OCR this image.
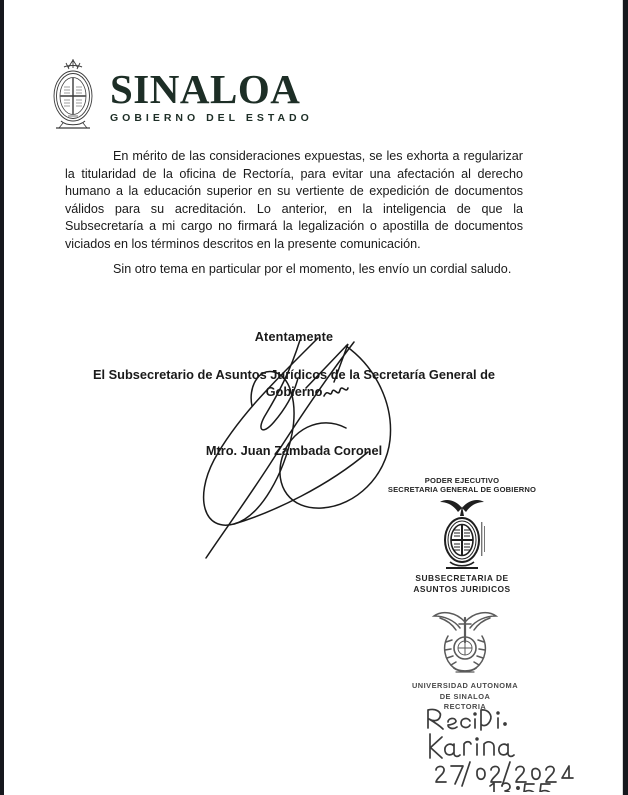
SINALOA
GOBIERNO DEL ESTADO

En mérito de las consideraciones expuestas, se les exhorta a regularizar la titularidad de la oficina de Rectoría, para evitar una afectación al derecho humano a la educación superior en su vertiente de expedición de documentos válidos para su acreditación. Lo anterior, en la inteligencia de que la Subsecretaría a mi cargo no firmará la legalización o apostilla de documentos viciados en los términos descritos en la presente comunicación.

Sin otro tema en particular por el momento, les envío un cordial saludo.

Atentamente
El Subsecretario de Asuntos Jurídicos de la Secretaría General de Gobierno
Mtro. Juan Zambada Coronel
PODER EJECUTIVO
SECRETARIA GENERAL DE GOBIERNO
SUBSECRETARIA DE
ASUNTOS JURIDICOS
UNIVERSIDAD AUTONOMA
DE SINALOA
RECTORIA
